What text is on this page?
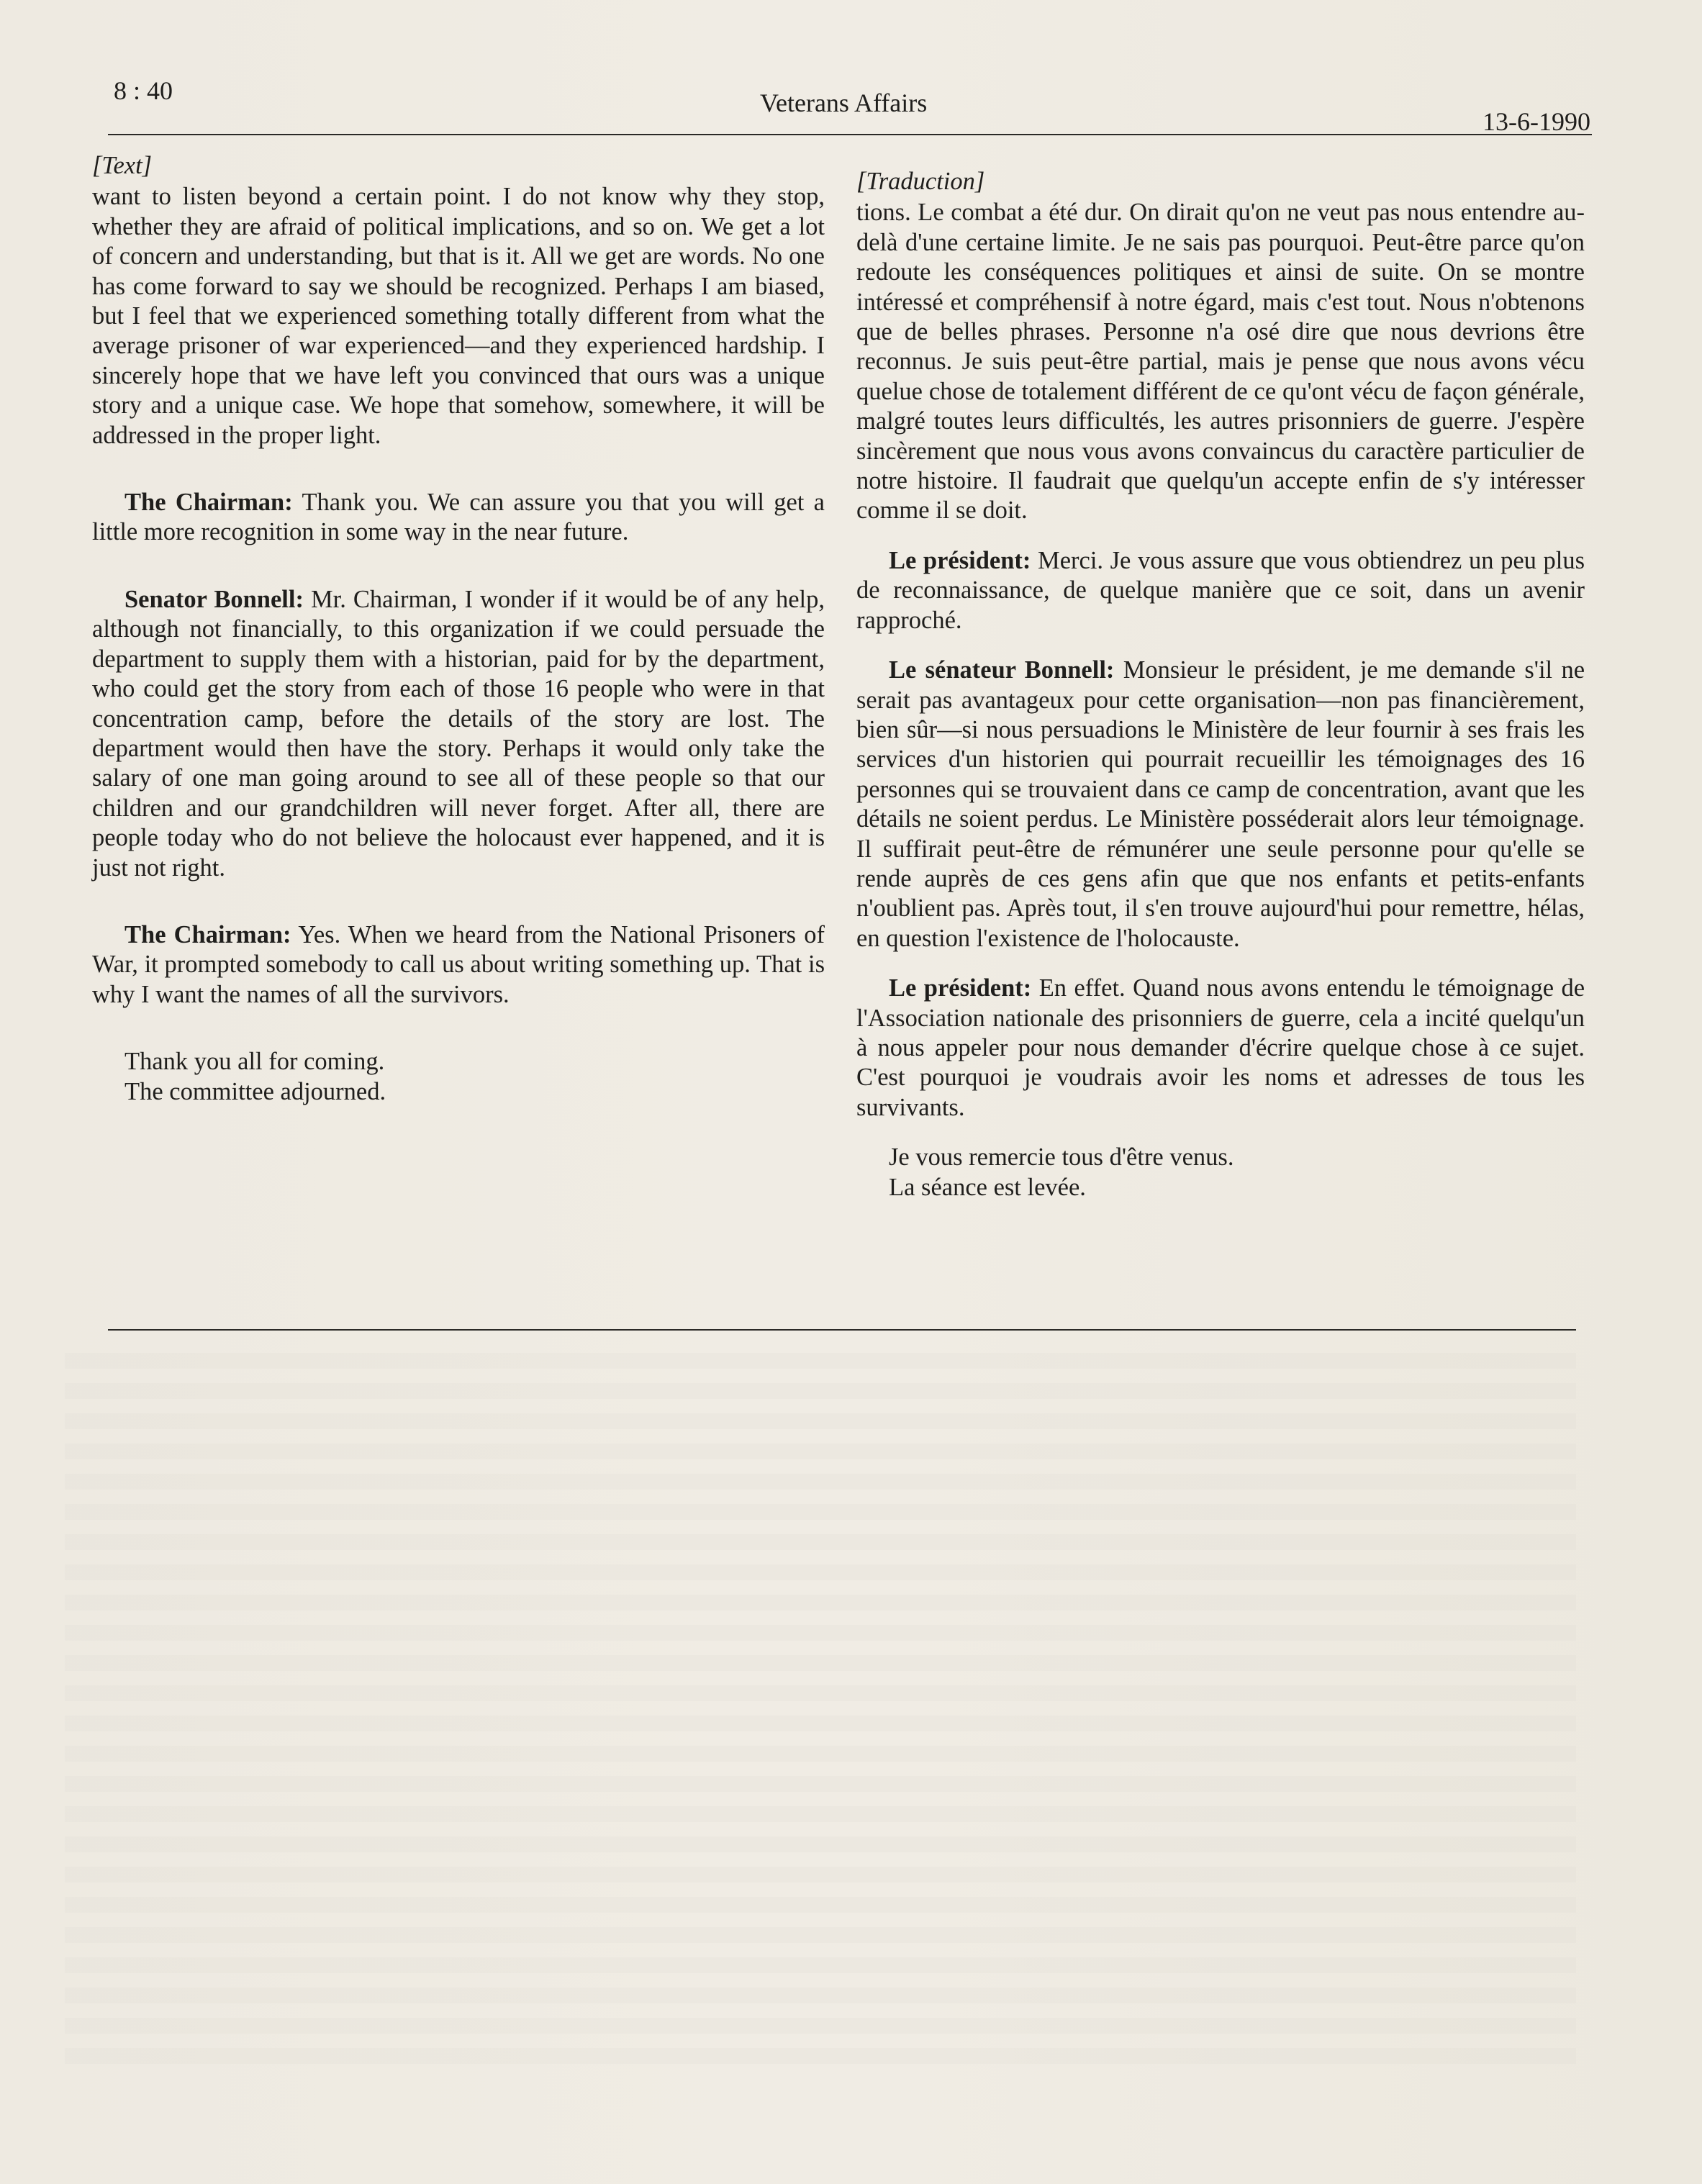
8 : 40	Veterans Affairs
13-6-1990
[Text]

want to listen beyond a certain point. I do not know why they stop, whether they are afraid of political implications, and so on. We get a lot of concern and understanding, but that is it. All we get are words. No one has come forward to say we should be recognized. Perhaps I am biased, but I feel that we experienced something totally different from what the average prisoner of war experienced—and they experienced hardship. I sincerely hope that we have left you convinced that ours was a unique story and a unique case. We hope that somehow, somewhere, it will be addressed in the proper light.

The Chairman: Thank you. We can assure you that you will get a little more recognition in some way in the near future.

Senator Bonnell: Mr. Chairman, I wonder if it would be of any help, although not financially, to this organization if we could persuade the department to supply them with a historian, paid for by the department, who could get the story from each of those 16 people who were in that concentration camp, before the details of the story are lost. The department would then have the story. Perhaps it would only take the salary of one man going around to see all of these people so that our children and our grandchildren will never forget. After all, there are people today who do not believe the holocaust ever happened, and it is just not right.

The Chairman: Yes. When we heard from the National Prisoners of War, it prompted somebody to call us about writing something up. That is why I want the names of all the survivors.

Thank you all for coming.

The committee adjourned.

[Traduction]

tions. Le combat a été dur. On dirait qu'on ne veut pas nous entendre au-delà d'une certaine limite. Je ne sais pas pourquoi. Peut-être parce qu'on redoute les conséquences politiques et ainsi de suite. On se montre intéressé et compréhensif à notre égard, mais c'est tout. Nous n'obtenons que de belles phrases. Personne n'a osé dire que nous devrions être reconnus. Je suis peut-être partial, mais je pense que nous avons vécu quelue chose de totalement différent de ce qu'ont vécu de façon générale, malgré toutes leurs difficultés, les autres prisonniers de guerre. J'espère sincèrement que nous vous avons convaincus du caractère particulier de notre histoire. Il faudrait que quelqu'un accepte enfin de s'y intéresser comme il se doit.

Le président: Merci. Je vous assure que vous obtiendrez un peu plus de reconnaissance, de quelque manière que ce soit, dans un avenir rapproché.

Le sénateur Bonnell: Monsieur le président, je me demande s'il ne serait pas avantageux pour cette organisation—non pas financièrement, bien sûr—si nous persuadions le Ministère de leur fournir à ses frais les services d'un historien qui pourrait recueillir les témoignages des 16 personnes qui se trouvaient dans ce camp de concentration, avant que les détails ne soient perdus. Le Ministère posséderait alors leur témoignage. Il suffirait peut-être de rémunérer une seule personne pour qu'elle se rende auprès de ces gens afin que que nos enfants et petits-enfants n'oublient pas. Après tout, il s'en trouve aujourd'hui pour remettre, hélas, en question l'existence de l'holocauste.

Le président: En effet. Quand nous avons entendu le témoignage de l'Association nationale des prisonniers de guerre, cela a incité quelqu'un à nous appeler pour nous demander d'écrire quelque chose à ce sujet. C'est pourquoi je voudrais avoir les noms et adresses de tous les survivants.

Je vous remercie tous d'être venus.

La séance est levée.
